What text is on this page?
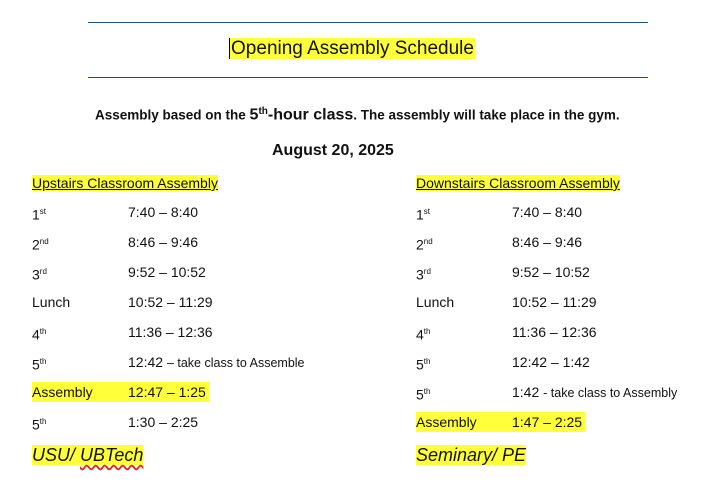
Opening Assembly Schedule
Assembly based on the 5th-hour class. The assembly will take place in the gym.
August 20, 2025
Upstairs Classroom Assembly
1st	7:40 – 8:40
2nd	8:46 – 9:46
3rd	9:52 – 10:52
Lunch	10:52 – 11:29
4th	11:36 – 12:36
5th	12:42 – take class to Assemble
Assembly	12:47 – 1:25
5th	1:30 – 2:25
USU/ UBTech
Downstairs Classroom Assembly
1st	7:40 – 8:40
2nd	8:46 – 9:46
3rd	9:52 – 10:52
Lunch	10:52 – 11:29
4th	11:36 – 12:36
5th	12:42 – 1:42
5th	1:42 - take class to Assembly
Assembly	1:47 – 2:25
Seminary/ PE
